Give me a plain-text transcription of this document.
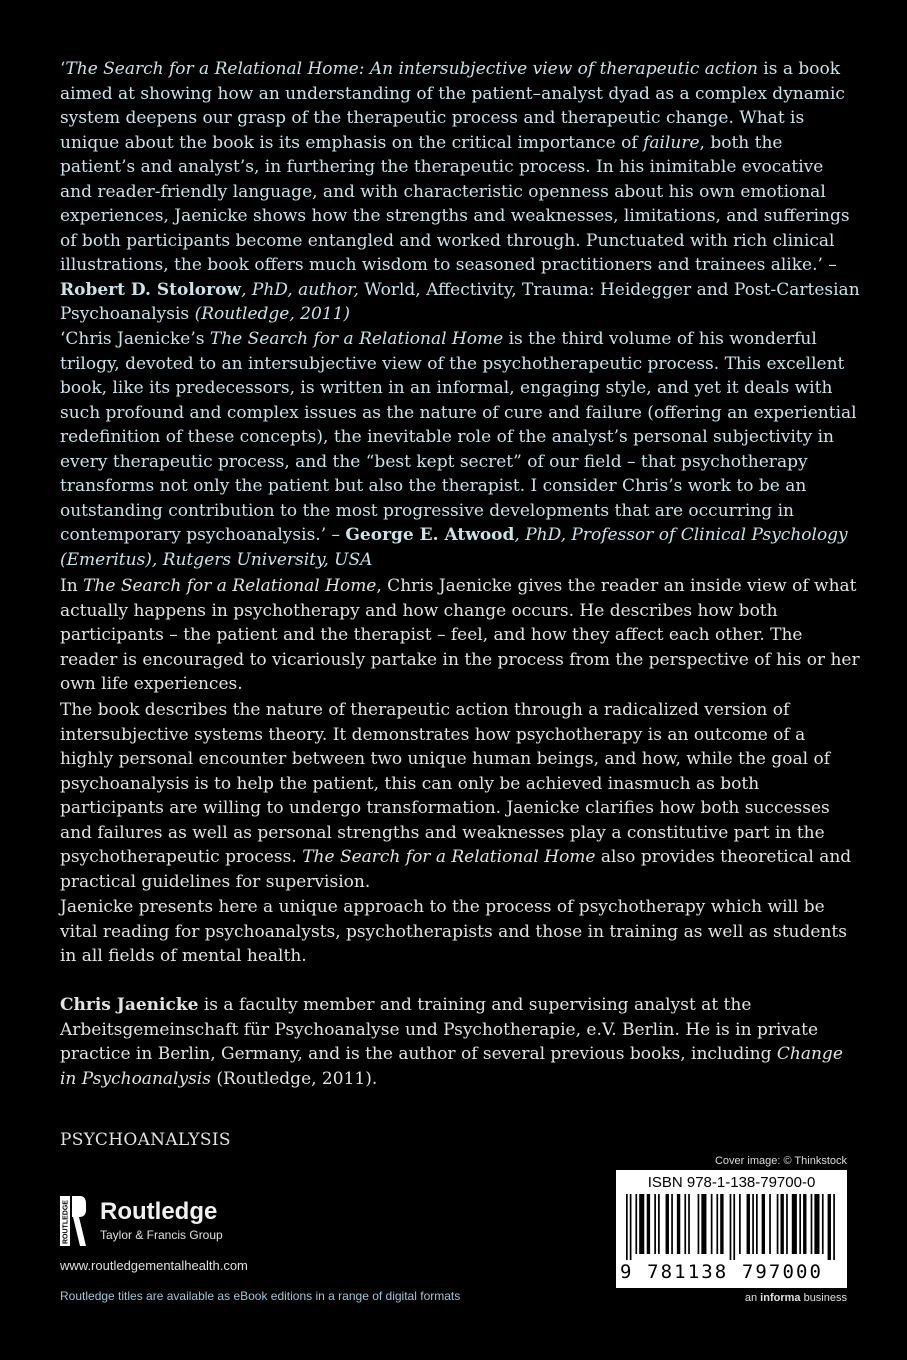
‘The Search for a Relational Home: An intersubjective view of therapeutic action is a book aimed at showing how an understanding of the patient–analyst dyad as a complex dynamic system deepens our grasp of the therapeutic process and therapeutic change. What is unique about the book is its emphasis on the critical importance of failure, both the patient’s and analyst’s, in furthering the therapeutic process. In his inimitable evocative and reader-friendly language, and with characteristic openness about his own emotional experiences, Jaenicke shows how the strengths and weaknesses, limitations, and sufferings of both participants become entangled and worked through. Punctuated with rich clinical illustrations, the book offers much wisdom to seasoned practitioners and trainees alike.’ – Robert D. Stolorow, PhD, author, World, Affectivity, Trauma: Heidegger and Post-Cartesian Psychoanalysis (Routledge, 2011)

‘Chris Jaenicke’s The Search for a Relational Home is the third volume of his wonderful trilogy, devoted to an intersubjective view of the psychotherapeutic process. This excellent book, like its predecessors, is written in an informal, engaging style, and yet it deals with such profound and complex issues as the nature of cure and failure (offering an experiential redefinition of these concepts), the inevitable role of the analyst’s personal subjectivity in every therapeutic process, and the “best kept secret” of our field – that psychotherapy transforms not only the patient but also the therapist. I consider Chris’s work to be an outstanding contribution to the most progressive developments that are occurring in contemporary psychoanalysis.’ – George E. Atwood, PhD, Professor of Clinical Psychology (Emeritus), Rutgers University, USA

In The Search for a Relational Home, Chris Jaenicke gives the reader an inside view of what actually happens in psychotherapy and how change occurs. He describes how both participants – the patient and the therapist – feel, and how they affect each other. The reader is encouraged to vicariously partake in the process from the perspective of his or her own life experiences.

The book describes the nature of therapeutic action through a radicalized version of intersubjective systems theory. It demonstrates how psychotherapy is an outcome of a highly personal encounter between two unique human beings, and how, while the goal of psychoanalysis is to help the patient, this can only be achieved inasmuch as both participants are willing to undergo transformation. Jaenicke clarifies how both successes and failures as well as personal strengths and weaknesses play a constitutive part in the psychotherapeutic process. The Search for a Relational Home also provides theoretical and practical guidelines for supervision.

Jaenicke presents here a unique approach to the process of psychotherapy which will be vital reading for psychoanalysts, psychotherapists and those in training as well as students in all fields of mental health.

Chris Jaenicke is a faculty member and training and supervising analyst at the Arbeitsgemeinschaft für Psychoanalyse und Psychotherapie, e.V. Berlin. He is in private practice in Berlin, Germany, and is the author of several previous books, including Change in Psychoanalysis (Routledge, 2011).

PSYCHOANALYSIS
ROUTLEDGE Routledge
Taylor & Francis Group
www.routledgementalhealth.com
Routledge titles are available as eBook editions in a range of digital formats
Cover image: © Thinkstock
ISBN 978-1-138-79700-0
9 781138 797000
an informa business
